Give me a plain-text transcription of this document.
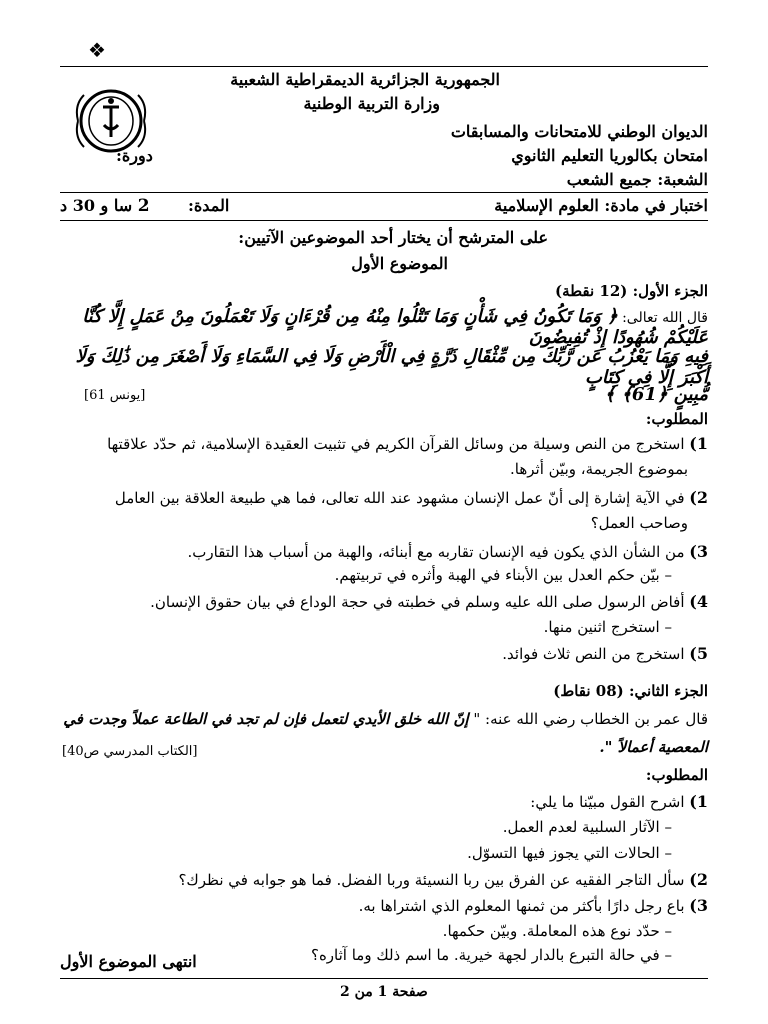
❖
الجمهورية الجزائرية الديمقراطية الشعبية
وزارة التربية الوطنية
الديوان الوطني للامتحانات والمسابقات
امتحان بكالوريا التعليم الثانوي
دورة:
الشعبة: جميع الشعب
اختبار في مادة: العلوم الإسلامية
المدة:
2 سا و 30 د
على المترشح أن يختار أحد الموضوعين الآتيين:
الموضوع الأول
الجزء الأول: (12 نقطة)
قال الله تعالى: ﴿ وَمَا تَكُونُ فِي شَأْنٍ وَمَا تَتْلُوا مِنْهُ مِن قُرْءَانٍ وَلَا تَعْمَلُونَ مِنْ عَمَلٍ إِلَّا كُنَّا عَلَيْكُمْ شُهُودًا إِذْ تُفِيضُونَ
فِيهِ وَمَا يَعْزُبُ عَن رَّبِّكَ مِن مِّثْقَالِ ذَرَّةٍ فِي الْأَرْضِ وَلَا فِي السَّمَاءِ وَلَا أَصْغَرَ مِن ذَٰلِكَ وَلَا أَكْبَرَ إِلَّا فِي كِتَابٍ
مُّبِينٍ ﴿61﴾ ﴾
[يونس 61]
المطلوب:
1) استخرج من النص وسيلة من وسائل القرآن الكريم في تثبيت العقيدة الإسلامية، ثم حدّد علاقتها
بموضوع الجريمة، وبيّن أثرها.
2) في الآية إشارة إلى أنّ عمل الإنسان مشهود عند الله تعالى، فما هي طبيعة العلاقة بين العامل
وصاحب العمل؟
3) من الشأن الذي يكون فيه الإنسان تقاربه مع أبنائه، والهبة من أسباب هذا التقارب.
– بيّن حكم العدل بين الأبناء في الهبة وأثره في تربيتهم.
4) أفاض الرسول صلى الله عليه وسلم في خطبته في حجة الوداع في بيان حقوق الإنسان.
– استخرج اثنين منها.
5) استخرج من النص ثلاث فوائد.
الجزء الثاني: (08 نقاط)
قال عمر بن الخطاب رضي الله عنه: " إنّ الله خلق الأيدي لتعمل فإن لم تجد في الطاعة عملاً وجدت في
المعصية أعمالاً ".
[الكتاب المدرسي ص40]
المطلوب:
1) اشرح القول مبيّنا ما يلي:
– الآثار السلبية لعدم العمل.
– الحالات التي يجوز فيها التسوّل.
2) سأل التاجر الفقيه عن الفرق بين ربا النسيئة وربا الفضل. فما هو جوابه في نظرك؟
3) باع رجل دارًا بأكثر من ثمنها المعلوم الذي اشتراها به.
– حدّد نوع هذه المعاملة. وبيّن حكمها.
– في حالة التبرع بالدار لجهة خيرية. ما اسم ذلك وما آثاره؟
انتهى الموضوع الأول
صفحة 1 من 2
